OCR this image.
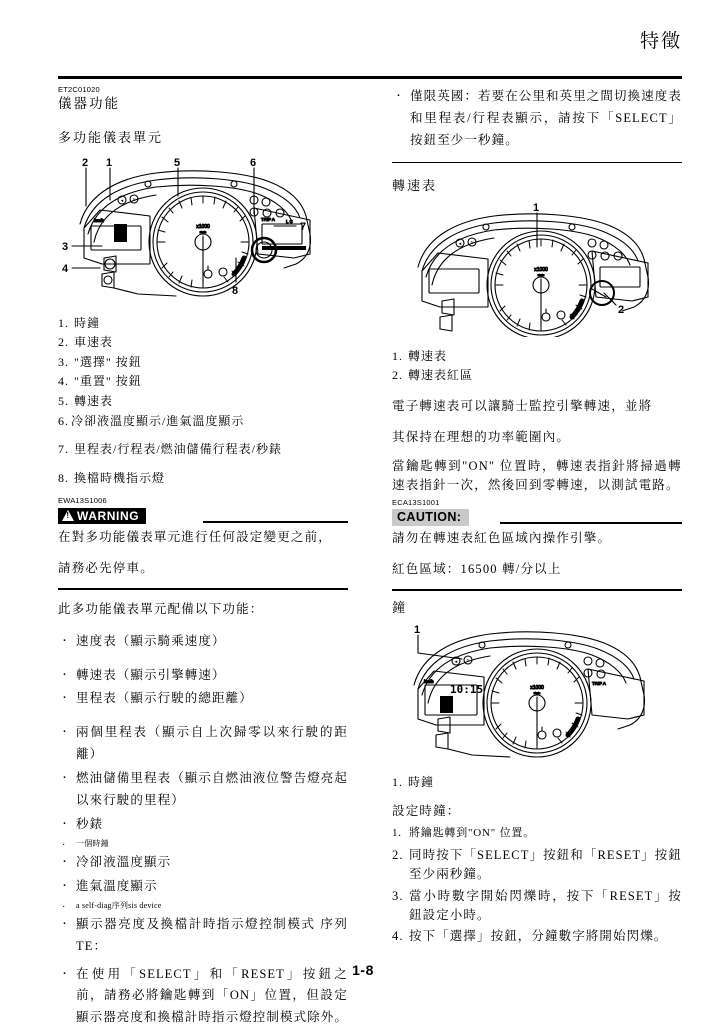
特徵
ET2C01020
儀器功能
多功能儀表單元
km/h
x1000
r/min
TRIP A	L C
◄ N
2 1	5	6
3
4
7
8
1. 時鐘
2. 車速表
3. "選擇" 按鈕
4. "重置" 按鈕
5. 轉速表
6. 冷卻液溫度顯示/進氣溫度顯示
7. 里程表/行程表/燃油儲備行程表/秒錶
8. 換檔時機指示燈
EWA13S1006
!WARNING

在對多功能儀表單元進行任何設定變更之前，

請務必先停車。

此多功能儀表單元配備以下功能：

· 速度表（顯示騎乘速度）
· 轉速表（顯示引擎轉速）
· 里程表（顯示行駛的總距離）
· 兩個里程表（顯示自上次歸零以來行駛的距離）
· 燃油儲備里程表（顯示自燃油液位警告燈亮起以來行駛的里程）
· 秒錶
· 一個時鐘
· 冷卻液溫度顯示
· 進氣溫度顯示
· a self-diag序列sis device
· 顯示器亮度及換檔計時指示燈控制模式 序列TE：
· 在使用「SELECT」和「RESET」按鈕之前，請務必將鑰匙轉到「ON」位置，但設定顯示器亮度和換檔計時指示燈控制模式除外。
· 僅限英國：若要在公里和英里之間切換速度表和里程表/行程表顯示，請按下「SELECT」按鈕至少一秒鐘。
轉速表
x1000
r/min
◄ N
1
2
1. 轉速表
2. 轉速表紅區

電子轉速表可以讓騎士監控引擎轉速，並將

其保持在理想的功率範圍內。

當鑰匙轉到"ON" 位置時，轉速表指針將掃過轉速表指針一次，然後回到零轉速，以測試電路。

ECA13S1001
CAUTION:

請勿在轉速表紅色區域內操作引擎。

紅色區域：16500 轉/分以上

鐘
km/h
x1000
r/min
TRIP A
◄ N
10:15
1
1. 時鐘

設定時鐘：

1. 將鑰匙轉到"ON" 位置。
2. 同時按下「SELECT」按鈕和「RESET」按鈕至少兩秒鐘。
3. 當小時數字開始閃爍時，按下「RESET」按鈕設定小時。
4. 按下「選擇」按鈕，分鐘數字將開始閃爍。
1-8
